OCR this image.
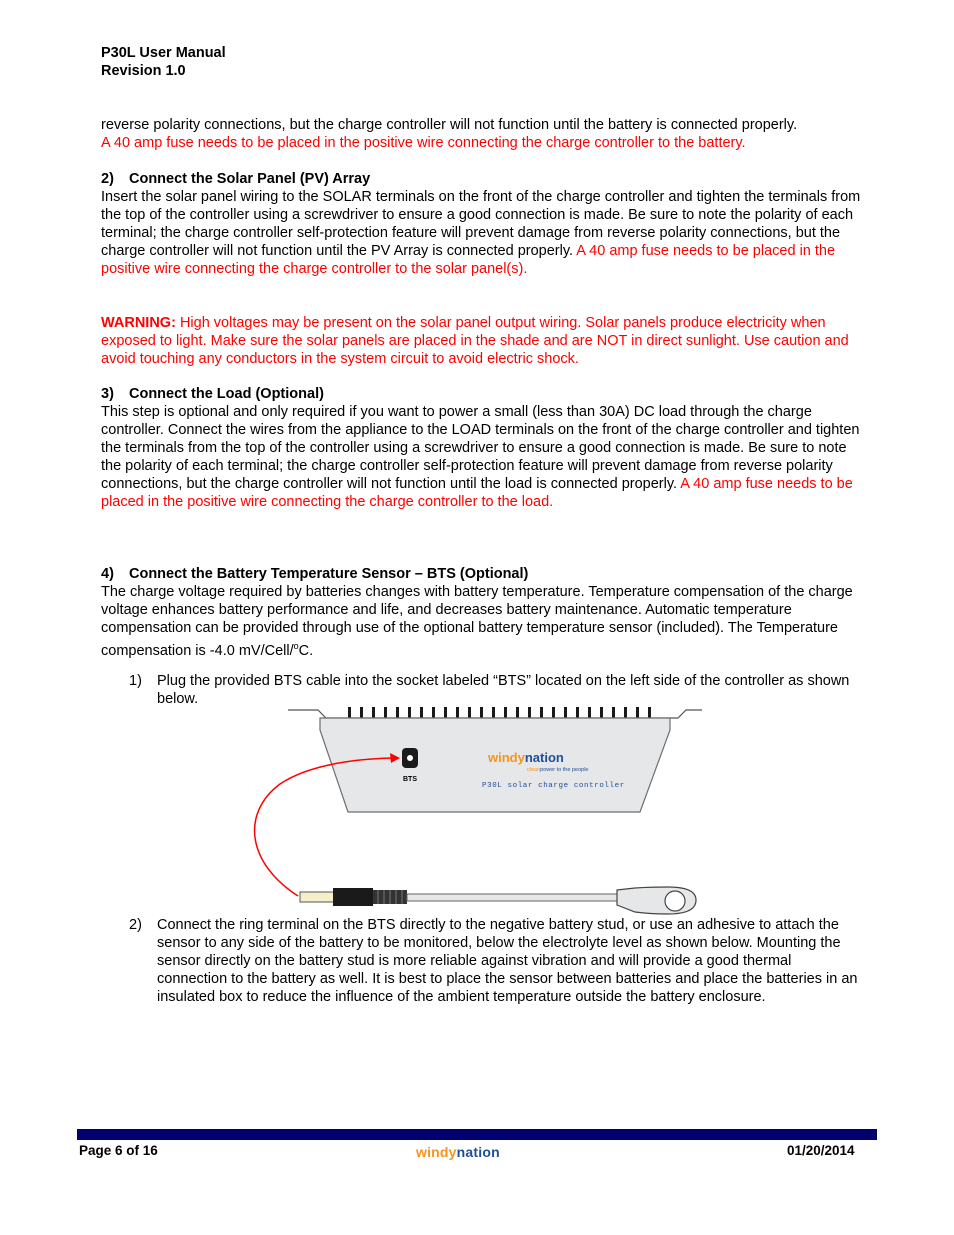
P30L User Manual
Revision 1.0

reverse polarity connections, but the charge controller will not function until the battery is connected properly.
A 40 amp fuse needs to be placed in the positive wire connecting the charge controller to the battery.

2) Connect the Solar Panel (PV) Array

Insert the solar panel wiring to the SOLAR terminals on the front of the charge controller and tighten the terminals from the top of the controller using a screwdriver to ensure a good connection is made. Be sure to note the polarity of each terminal; the charge controller self-protection feature will prevent damage from reverse polarity connections, but the charge controller will not function until the PV Array is connected properly. A 40 amp fuse needs to be placed in the positive wire connecting the charge controller to the solar panel(s).

WARNING: High voltages may be present on the solar panel output wiring. Solar panels produce electricity when exposed to light. Make sure the solar panels are placed in the shade and are NOT in direct sunlight. Use caution and avoid touching any conductors in the system circuit to avoid electric shock.

3) Connect the Load (Optional)

This step is optional and only required if you want to power a small (less than 30A) DC load through the charge controller. Connect the wires from the appliance to the LOAD terminals on the front of the charge controller and tighten the terminals from the top of the controller using a screwdriver to ensure a good connection is made. Be sure to note the polarity of each terminal; the charge controller self-protection feature will prevent damage from reverse polarity connections, but the charge controller will not function until the load is connected properly. A 40 amp fuse needs to be placed in the positive wire connecting the charge controller to the load.

4) Connect the Battery Temperature Sensor – BTS (Optional)

The charge voltage required by batteries changes with battery temperature. Temperature compensation of the charge voltage enhances battery performance and life, and decreases battery maintenance. Automatic temperature compensation can be provided through use of the optional battery temperature sensor (included). The Temperature compensation is -4.0 mV/Cell/$^o$C.

1) Plug the provided BTS cable into the socket labeled “BTS” located on the left side of the controller as shown below.
BTS
windynation
cleanpower to the people
P30L solar charge controller
2) Connect the ring terminal on the BTS directly to the negative battery stud, or use an adhesive to attach the sensor to any side of the battery to be monitored, below the electrolyte level as shown below. Mounting the sensor directly on the battery stud is more reliable against vibration and will provide a good thermal connection to the battery as well. It is best to place the sensor between batteries and place the batteries in an insulated box to reduce the influence of the ambient temperature outside the battery enclosure.
Page 6 of 16	windynation	01/20/2014
